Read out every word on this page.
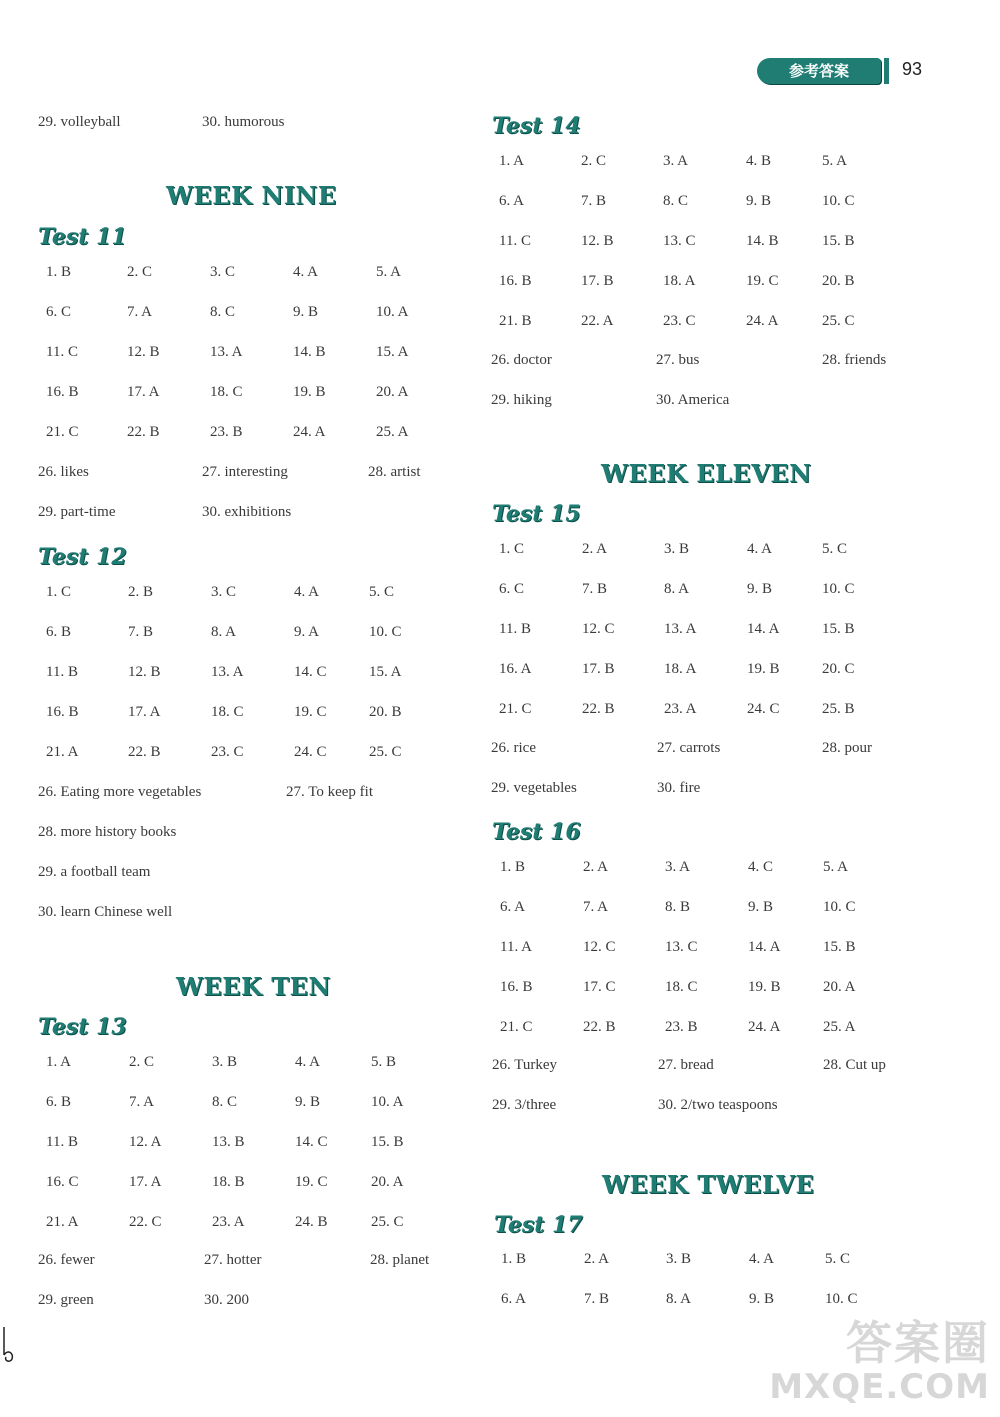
参考答案	93
29. volleyball	30. humorous
WEEK NINE
Test 11
1. B	2. C	3. C	4. A	5. A
6. C	7. A	8. C	9. B	10. A
11. C	12. B	13. A	14. B	15. A
16. B	17. A	18. C	19. B	20. A
21. C	22. B	23. B	24. A	25. A
26. likes	27. interesting	28. artist
29. part-time	30. exhibitions
Test 12
1. C	2. B	3. C	4. A	5. C
6. B	7. B	8. A	9. A	10. C
11. B	12. B	13. A	14. C	15. A
16. B	17. A	18. C	19. C	20. B
21. A	22. B	23. C	24. C	25. C
26. Eating more vegetables	27. To keep fit
28. more history books
29. a football team
30. learn Chinese well
WEEK TEN
Test 13
1. A	2. C	3. B	4. A	5. B
6. B	7. A	8. C	9. B	10. A
11. B	12. A	13. B	14. C	15. B
16. C	17. A	18. B	19. C	20. A
21. A	22. C	23. A	24. B	25. C
26. fewer	27. hotter	28. planet
29. green	30. 200
Test 14
1. A	2. C	3. A	4. B	5. A
6. A	7. B	8. C	9. B	10. C
11. C	12. B	13. C	14. B	15. B
16. B	17. B	18. A	19. C	20. B
21. B	22. A	23. C	24. A	25. C
26. doctor	27. bus	28. friends
29. hiking	30. America
WEEK ELEVEN
Test 15
1. C	2. A	3. B	4. A	5. C
6. C	7. B	8. A	9. B	10. C
11. B	12. C	13. A	14. A	15. B
16. A	17. B	18. A	19. B	20. C
21. C	22. B	23. A	24. C	25. B
26. rice	27. carrots	28. pour
29. vegetables	30. fire
Test 16
1. B	2. A	3. A	4. C	5. A
6. A	7. A	8. B	9. B	10. C
11. A	12. C	13. C	14. A	15. B
16. B	17. C	18. C	19. B	20. A
21. C	22. B	23. B	24. A	25. A
26. Turkey	27. bread	28. Cut up
29. 3/three	30. 2/two teaspoons
WEEK TWELVE
Test 17
1. B	2. A	3. B	4. A	5. C
6. A	7. B	8. A	9. B	10. C
答案圈
MXQE.COM
